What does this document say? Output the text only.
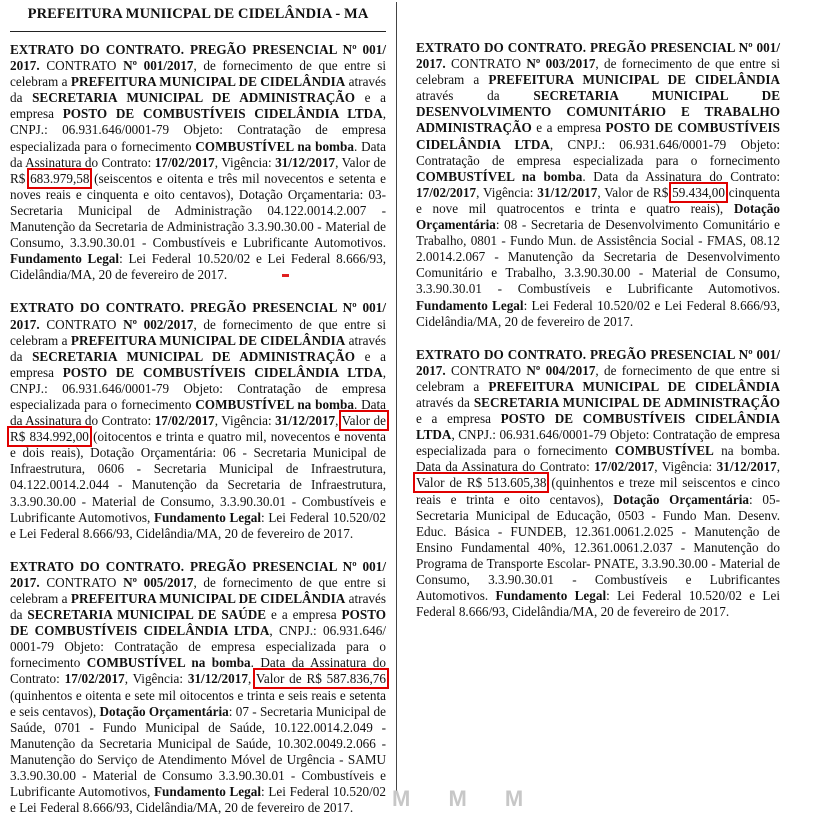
PREFEITURA MUNIICPAL DE CIDELÂNDIA - MA

EXTRATO DO CONTRATO. PREGÃO PRESENCIAL Nº 001/ 2017. CONTRATO Nº 001/2017, de fornecimento de que entre si celebram a PREFEITURA MUNICIPAL DE CIDELÂNDIA através da SECRETARIA MUNICIPAL DE ADMINISTRAÇÃO e a empresa POSTO DE COMBUSTÍVEIS CIDELÂNDIA LTDA, CNPJ.: 06.931.646/0001-79 Objeto: Contratação de empresa especializada para o fornecimento COMBUSTÍVEL na bomba. Data da Assinatura do Contrato: 17/02/2017, Vigência: 31/12/2017, Valor de R$ 683.979,58 (seiscentos e oitenta e três mil novecentos e setenta e noves reais e cinquenta e oito centavos), Dotação Orçamentaria: 03-Secretaria Municipal de Administração 04.122.0014.2.007 - Manutenção da Secretaria de Administração 3.3.90.30.00 - Material de Consumo, 3.3.90.30.01 - Combustíveis e Lubrificante Automotivos. Fundamento Legal: Lei Federal 10.520/02 e Lei Federal 8.666/93, Cidelândia/MA, 20 de fevereiro de 2017.

EXTRATO DO CONTRATO. PREGÃO PRESENCIAL Nº 001/ 2017. CONTRATO Nº 002/2017, de fornecimento de que entre si celebram a PREFEITURA MUNICIPAL DE CIDELÂNDIA através da SECRETARIA MUNICIPAL DE ADMINISTRAÇÃO e a empresa POSTO DE COMBUSTÍVEIS CIDELÂNDIA LTDA, CNPJ.: 06.931.646/0001-79 Objeto: Contratação de empresa especializada para o fornecimento COMBUSTÍVEL na bomba. Data da Assinatura do Contrato: 17/02/2017, Vigência: 31/12/2017, Valor de R$ 834.992,00 (oitocentos e trinta e quatro mil, novecentos e noventa e dois reais), Dotação Orçamentária: 06 - Secretaria Municipal de Infraestrutura, 0606 - Secretaria Municipal de Infraestrutura, 04.122.0014.2.044 - Manutenção da Secretaria de Infraestrutura, 3.3.90.30.00 - Material de Consumo, 3.3.90.30.01 - Combustíveis e Lubrificante Automotivos, Fundamento Legal: Lei Federal 10.520/02 e Lei Federal 8.666/93, Cidelândia/MA, 20 de fevereiro de 2017.

EXTRATO DO CONTRATO. PREGÃO PRESENCIAL Nº 001/ 2017. CONTRATO Nº 005/2017, de fornecimento de que entre si celebram a PREFEITURA MUNICIPAL DE CIDELÂNDIA através da SECRETARIA MUNICIPAL DE SAÚDE e a empresa POSTO DE COMBUSTÍVEIS CIDELÂNDIA LTDA, CNPJ.: 06.931.646/ 0001-79 Objeto: Contratação de empresa especializada para o fornecimento COMBUSTÍVEL na bomba. Data da Assinatura do Contrato: 17/02/2017, Vigência: 31/12/2017, Valor de R$ 587.836,76 (quinhentos e oitenta e sete mil oitocentos e trinta e seis reais e setenta e seis centavos), Dotação Orçamentária: 07 - Secretaria Municipal de Saúde, 0701 - Fundo Municipal de Saúde, 10.122.0014.2.049 - Manutenção da Secretaria Municipal de Saúde, 10.302.0049.2.066 - Manutenção do Serviço de Atendimento Móvel de Urgência - SAMU 3.3.90.30.00 - Material de Consumo 3.3.90.30.01 - Combustíveis e Lubrificante Automotivos, Fundamento Legal: Lei Federal 10.520/02 e Lei Federal 8.666/93, Cidelândia/MA, 20 de fevereiro de 2017.

EXTRATO DO CONTRATO. PREGÃO PRESENCIAL Nº 001/ 2017. CONTRATO Nº 003/2017, de fornecimento de que entre si celebram a PREFEITURA MUNICIPAL DE CIDELÂNDIA através da SECRETARIA MUNICIPAL DE DESENVOLVIMENTO COMUNITÁRIO E TRABALHO ADMINISTRAÇÃO e a empresa POSTO DE COMBUSTÍVEIS CIDELÂNDIA LTDA, CNPJ.: 06.931.646/0001-79 Objeto: Contratação de empresa especializada para o fornecimento COMBUSTÍVEL na bomba. Data da Assinatura do Contrato: 17/02/2017, Vigência: 31/12/2017, Valor de R$ 59.434,00 cinquenta e nove mil quatrocentos e trinta e quatro reais), Dotação Orçamentária: 08 - Secretaria de Desenvolvimento Comunitário e Trabalho, 0801 - Fundo Mun. de Assistência Social - FMAS, 08.12 2.0014.2.067 - Manutenção da Secretaria de Desenvolvimento Comunitário e Trabalho, 3.3.90.30.00 - Material de Consumo, 3.3.90.30.01 - Combustíveis e Lubrificante Automotivos. Fundamento Legal: Lei Federal 10.520/02 e Lei Federal 8.666/93, Cidelândia/MA, 20 de fevereiro de 2017.

EXTRATO DO CONTRATO. PREGÃO PRESENCIAL Nº 001/ 2017. CONTRATO Nº 004/2017, de fornecimento de que entre si celebram a PREFEITURA MUNICIPAL DE CIDELÂNDIA através da SECRETARIA MUNICIPAL DE ADMINISTRAÇÃO e a empresa POSTO DE COMBUSTÍVEIS CIDELÂNDIA LTDA, CNPJ.: 06.931.646/0001-79 Objeto: Contratação de empresa especializada para o fornecimento COMBUSTÍVEL na bomba. Data da Assinatura do Contrato: 17/02/2017, Vigência: 31/12/2017, Valor de R$ 513.605,38 (quinhentos e treze mil seiscentos e cinco reais e trinta e oito centavos), Dotação Orçamentária: 05-Secretaria Municipal de Educação, 0503 - Fundo Man. Desenv. Educ. Básica - FUNDEB, 12.361.0061.2.025 - Manutenção de Ensino Fundamental 40%, 12.361.0061.2.037 - Manutenção do Programa de Transporte Escolar- PNATE, 3.3.90.30.00 - Material de Consumo, 3.3.90.30.01 - Combustíveis e Lubrificantes Automotivos. Fundamento Legal: Lei Federal 10.520/02 e Lei Federal 8.666/93, Cidelândia/MA, 20 de fevereiro de 2017.

M M M
